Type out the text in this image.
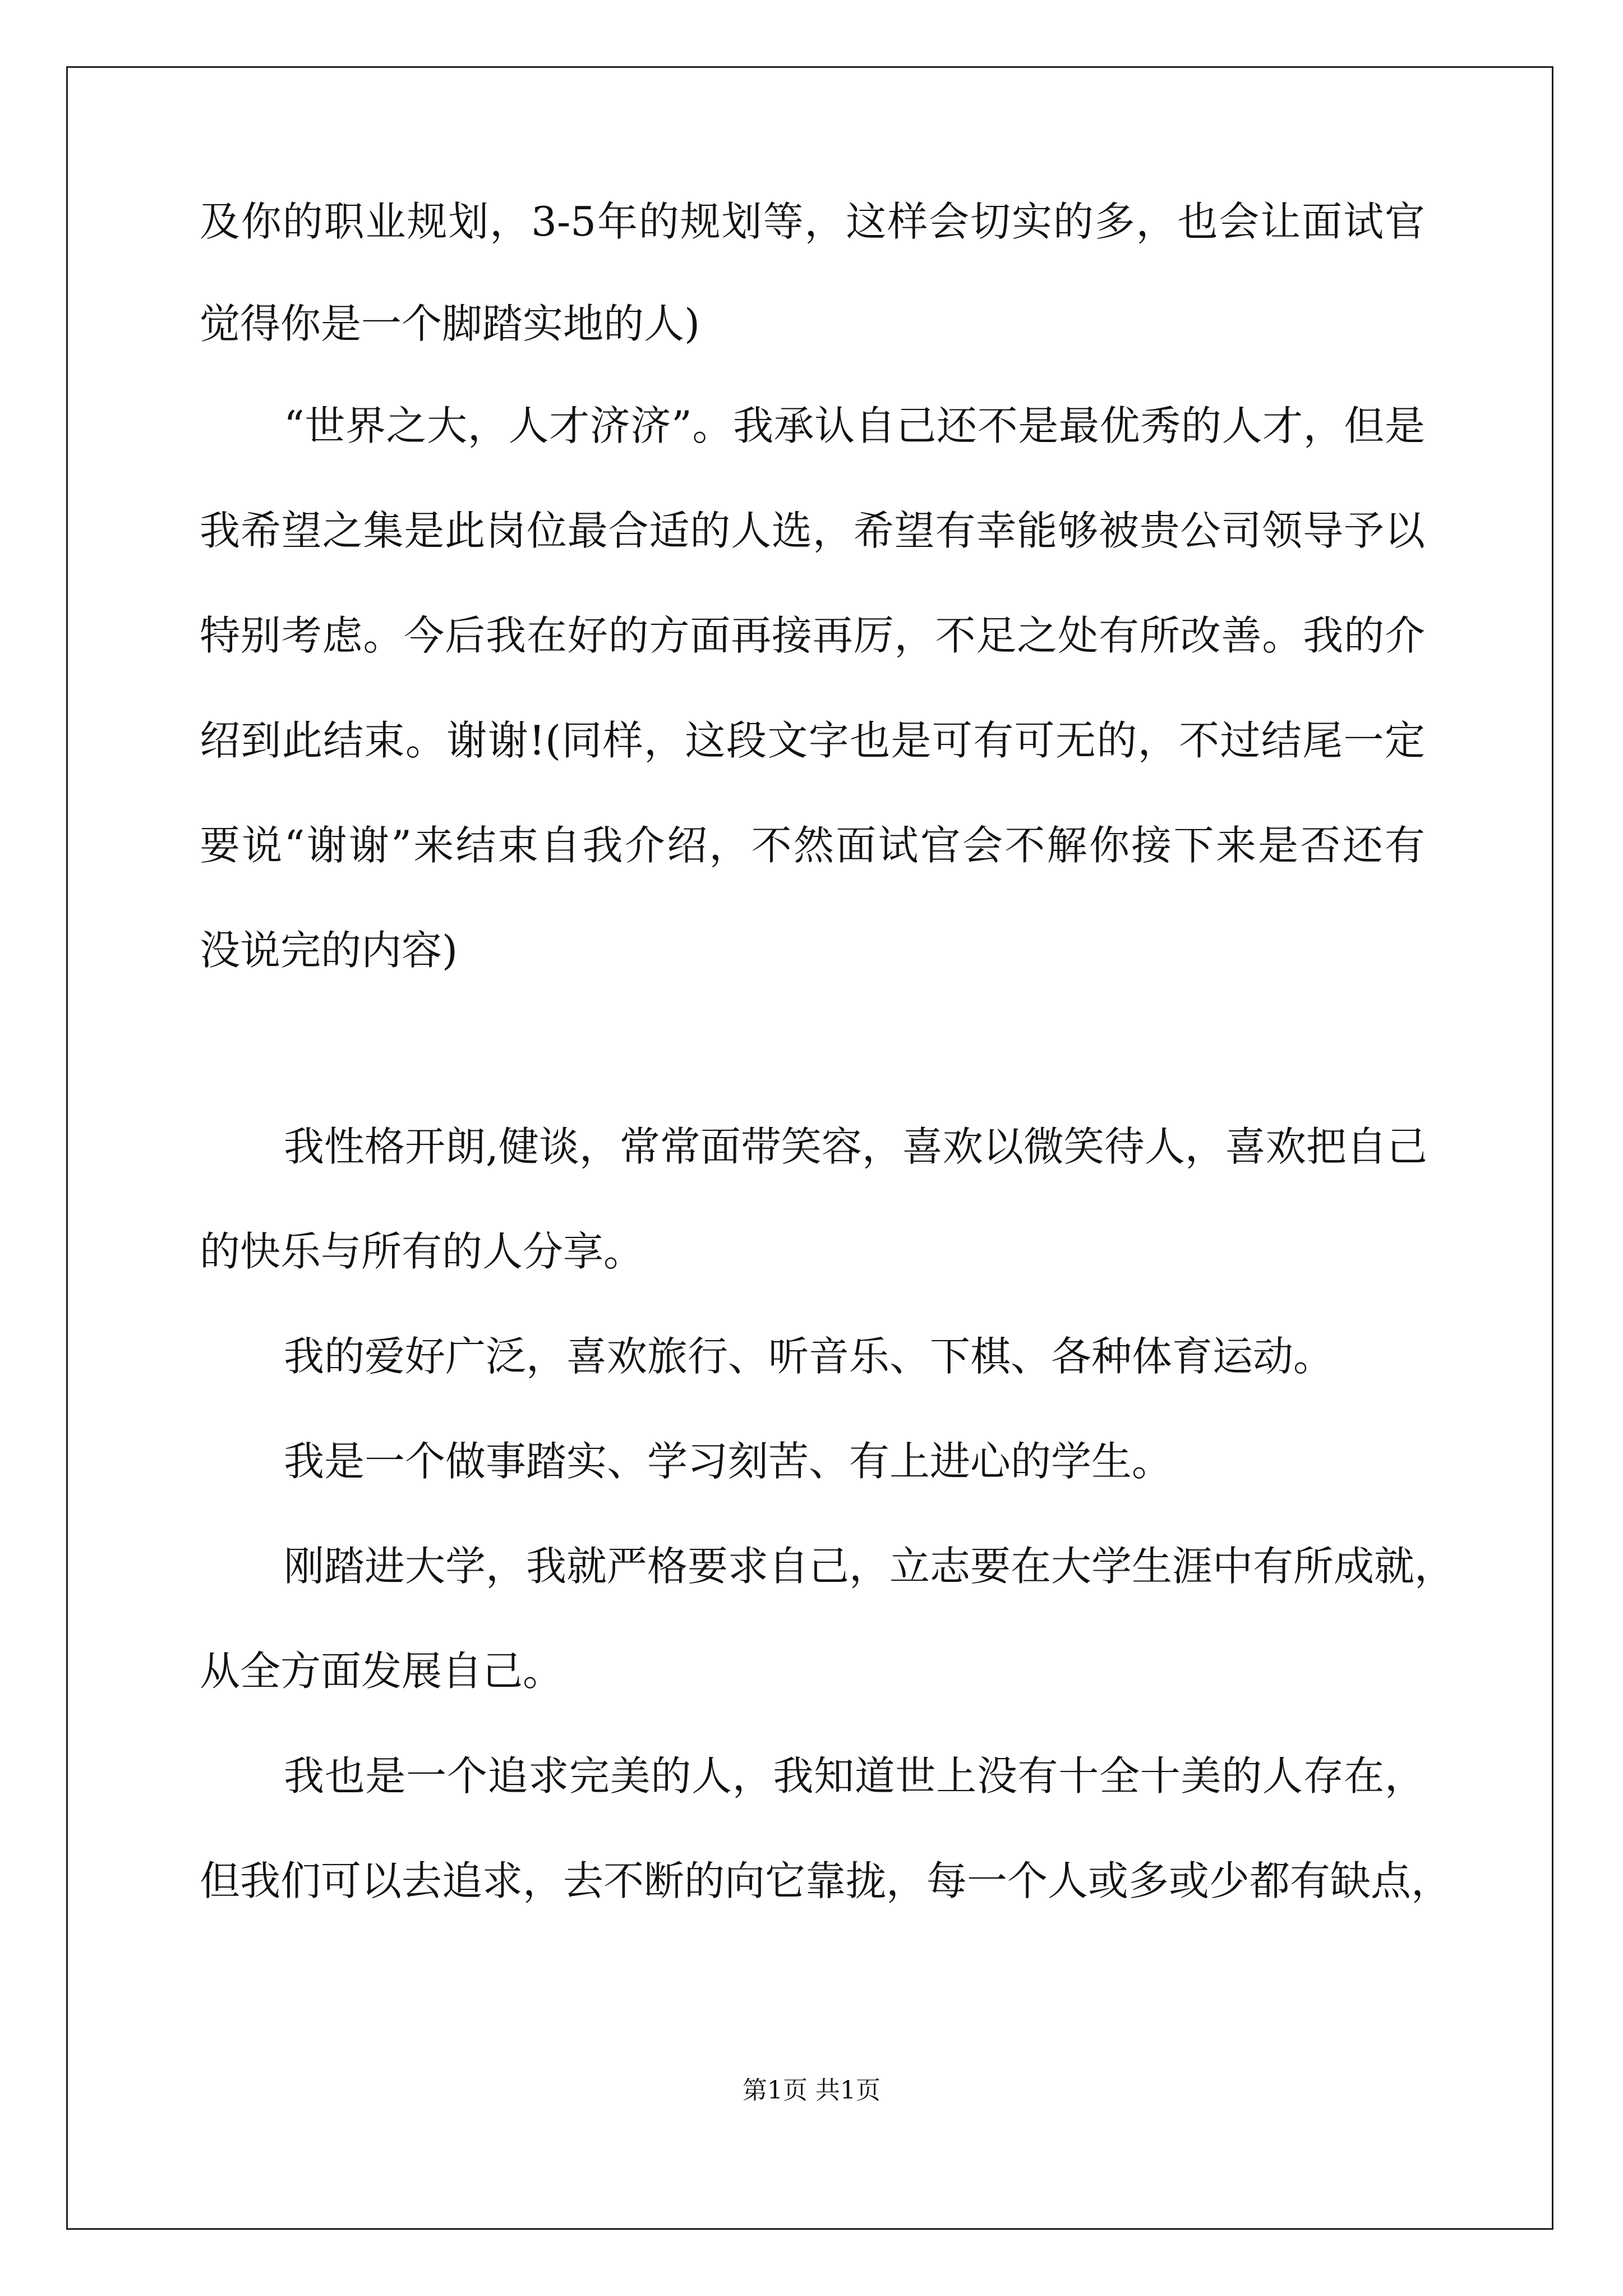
及你的职业规划，3-5年的规划等，这样会切实的多，也会让面试官
觉得你是一个脚踏实地的人)
“世界之大，人才济济”。我承认自己还不是最优秀的人才，但是
我希望之集是此岗位最合适的人选，希望有幸能够被贵公司领导予以
特别考虑。今后我在好的方面再接再厉，不足之处有所改善。我的介
绍到此结束。谢谢!(同样，这段文字也是可有可无的，不过结尾一定
要说“谢谢”来结束自我介绍，不然面试官会不解你接下来是否还有
没说完的内容)
我性格开朗,健谈，常常面带笑容，喜欢以微笑待人，喜欢把自己
的快乐与所有的人分享。
我的爱好广泛，喜欢旅行、听音乐、下棋、各种体育运动。
我是一个做事踏实、学习刻苦、有上进心的学生。
刚踏进大学，我就严格要求自己，立志要在大学生涯中有所成就，
从全方面发展自己。
我也是一个追求完美的人，我知道世上没有十全十美的人存在，
但我们可以去追求，去不断的向它靠拢，每一个人或多或少都有缺点，
第1页 共1页
